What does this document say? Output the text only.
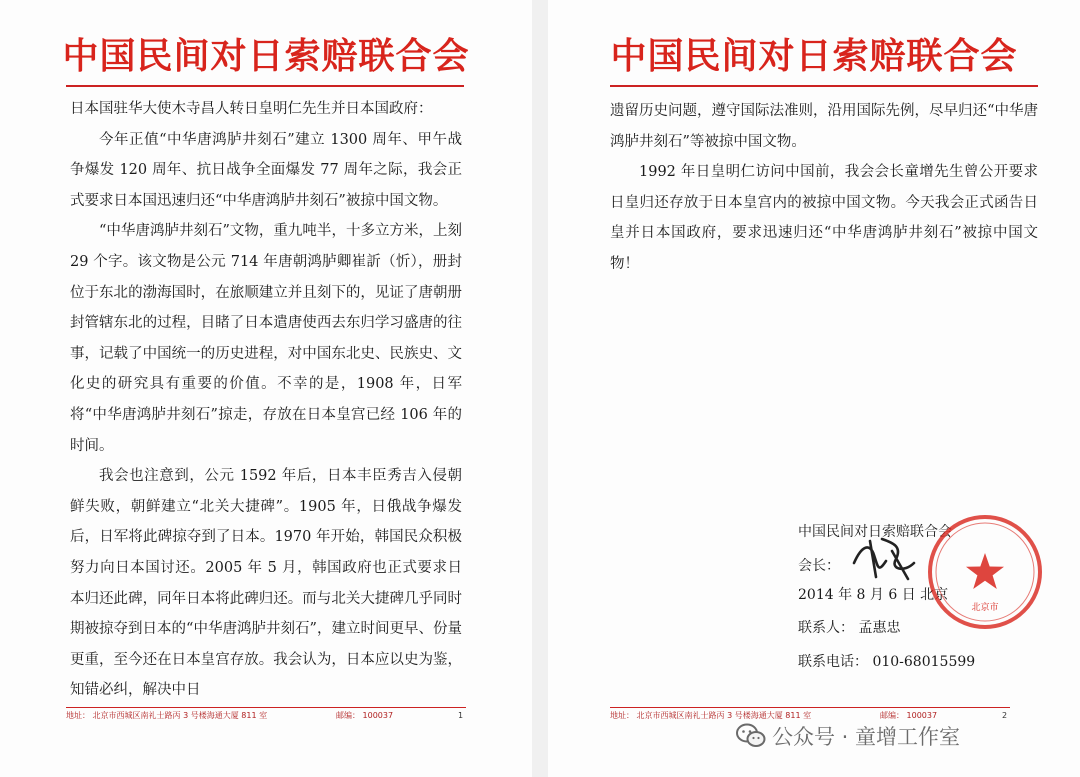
中国民间对日索赔联合会

日本国驻华大使木寺昌人转日皇明仁先生并日本国政府：

今年正值“中华唐鸿胪井刻石”建立 1300 周年、甲午战争爆发 120 周年、抗日战争全面爆发 77 周年之际，我会正式要求日本国迅速归还“中华唐鸿胪井刻石”被掠中国文物。

“中华唐鸿胪井刻石”文物，重九吨半，十多立方米，上刻 29 个字。该文物是公元 714 年唐朝鸿胪卿崔訢（忻），册封位于东北的渤海国时，在旅顺建立并且刻下的，见证了唐朝册封管辖东北的过程，目睹了日本遣唐使西去东归学习盛唐的往事，记载了中国统一的历史进程，对中国东北史、民族史、文化史的研究具有重要的价值。不幸的是，1908 年，日军将“中华唐鸿胪井刻石”掠走，存放在日本皇宫已经 106 年的时间。

我会也注意到，公元 1592 年后，日本丰臣秀吉入侵朝鲜失败，朝鲜建立“北关大捷碑”。1905 年，日俄战争爆发后，日军将此碑掠夺到了日本。1970 年开始，韩国民众积极努力向日本国讨还。2005 年 5 月，韩国政府也正式要求日本归还此碑，同年日本将此碑归还。而与北关大捷碑几乎同时期被掠夺到日本的“中华唐鸿胪井刻石”，建立时间更早、份量更重，至今还在日本皇宫存放。我会认为，日本应以史为鉴，知错必纠，解决中日

地址： 北京市西城区南礼士路丙 3 号楼海通大厦 811 室	邮编： 100037	1
中国民间对日索赔联合会

遗留历史问题，遵守国际法准则，沿用国际先例，尽早归还“中华唐鸿胪井刻石”等被掠中国文物。

1992 年日皇明仁访问中国前，我会会长童增先生曾公开要求日皇归还存放于日本皇宫内的被掠中国文物。今天我会正式函告日皇并日本国政府，要求迅速归还“中华唐鸿胪井刻石”被掠中国文物！

中国民间对日索赔联合会
会长：
2014 年 8 月 6 日 北京
联系人： 孟惠忠
联系电话： 010-68015599
北京市
地址： 北京市西城区南礼士路丙 3 号楼海通大厦 811 室	邮编： 100037	2
公众号 · 童增工作室
